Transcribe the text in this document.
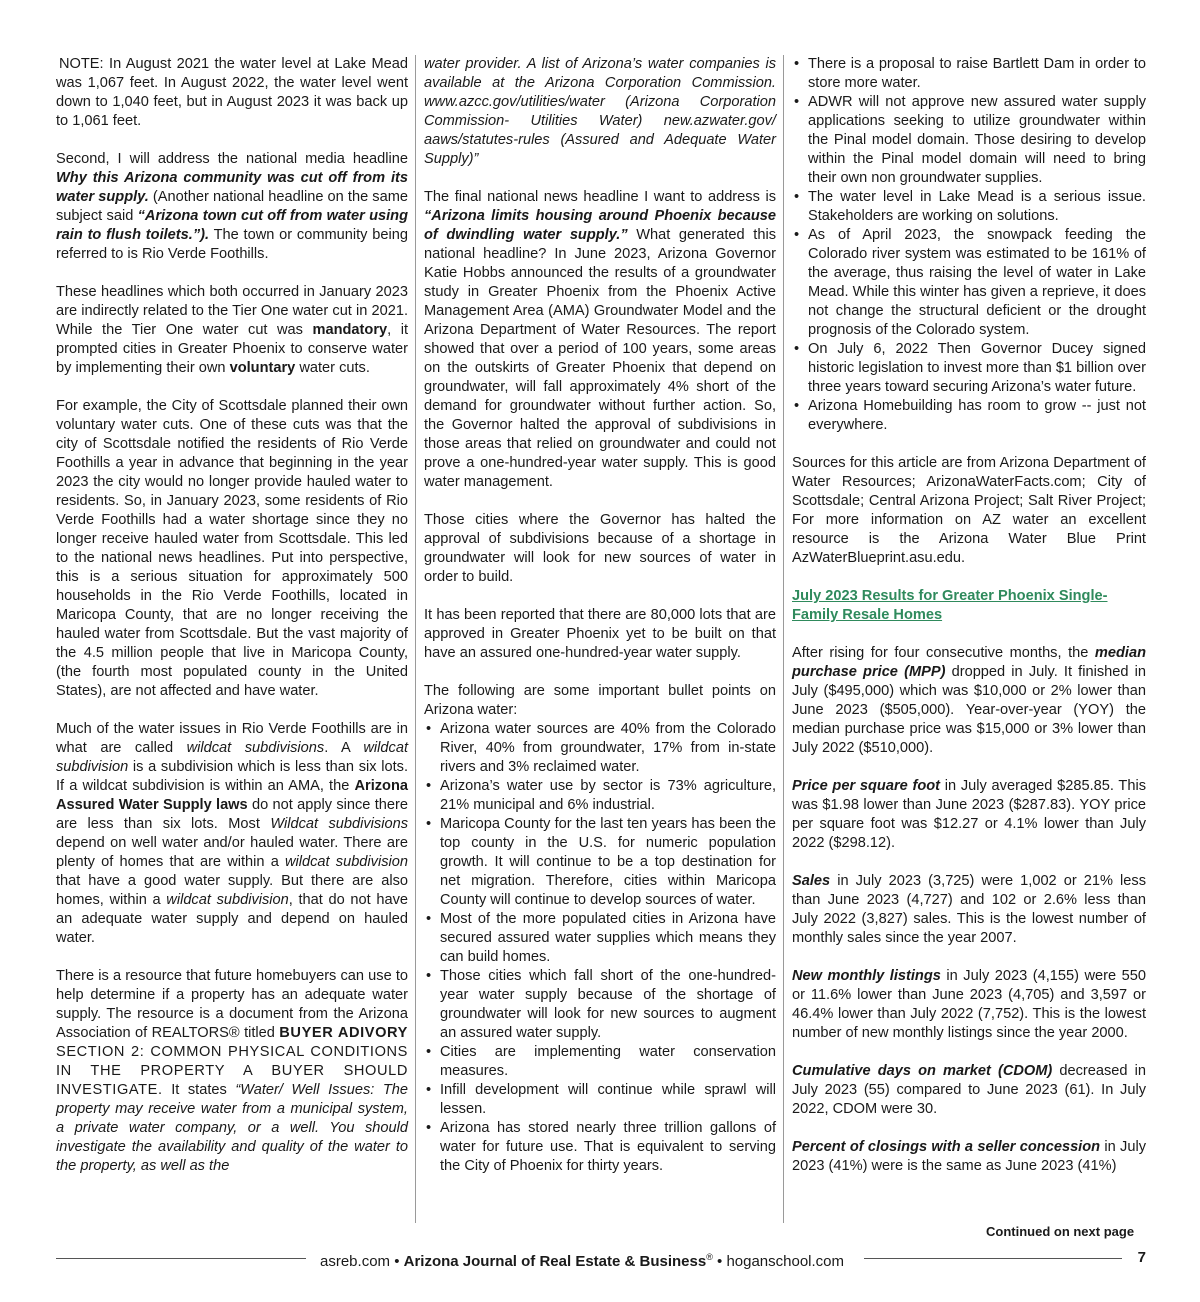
NOTE: In August 2021 the water level at Lake Mead was 1,067 feet. In August 2022, the water level went down to 1,040 feet, but in August 2023 it was back up to 1,061 feet.

Second, I will address the national media headline Why this Arizona community was cut off from its water supply. (Another national headline on the same subject said “Arizona town cut off from water using rain to flush toilets.”). The town or community being referred to is Rio Verde Foothills.

These headlines which both occurred in January 2023 are indirectly related to the Tier One water cut in 2021. While the Tier One water cut was mandatory, it prompted cities in Greater Phoenix to conserve water by implementing their own voluntary water cuts.

For example, the City of Scottsdale planned their own voluntary water cuts. One of these cuts was that the city of Scottsdale notified the residents of Rio Verde Foothills a year in advance that beginning in the year 2023 the city would no longer provide hauled water to residents. So, in January 2023, some residents of Rio Verde Foothills had a water shortage since they no longer receive hauled water from Scottsdale. This led to the national news headlines. Put into perspective, this is a serious situation for approximately 500 households in the Rio Verde Foothills, located in Maricopa County, that are no longer receiving the hauled water from Scottsdale. But the vast majority of the 4.5 million people that live in Maricopa County, (the fourth most populated county in the United States), are not affected and have water.

Much of the water issues in Rio Verde Foothills are in what are called wildcat subdivisions. A wildcat subdivision is a subdivision which is less than six lots. If a wildcat subdivision is within an AMA, the Arizona Assured Water Supply laws do not apply since there are less than six lots. Most Wildcat subdivisions depend on well water and/or hauled water. There are plenty of homes that are within a wildcat subdivision that have a good water supply. But there are also homes, within a wildcat subdivision, that do not have an adequate water supply and depend on hauled water.

There is a resource that future homebuyers can use to help determine if a property has an adequate water supply. The resource is a document from the Arizona Association of REALTORS® titled BUYER ADIVORY SECTION 2: COMMON PHYSICAL CONDITIONS IN THE PROPERTY A BUYER SHOULD INVESTIGATE. It states “Water/ Well Issues: The property may receive water from a municipal system, a private water company, or a well. You should investigate the availability and quality of the water to the property, as well as the

water provider. A list of Arizona’s water companies is available at the Arizona Corporation Commission. www.azcc.gov/utilities/water (Arizona Corporation Commission- Utilities Water) new.azwater.gov/ aaws/statutes-rules (Assured and Adequate Water Supply)”

The final national news headline I want to address is “Arizona limits housing around Phoenix because of dwindling water supply.” What generated this national headline? In June 2023, Arizona Governor Katie Hobbs announced the results of a groundwater study in Greater Phoenix from the Phoenix Active Management Area (AMA) Groundwater Model and the Arizona Department of Water Resources. The report showed that over a period of 100 years, some areas on the outskirts of Greater Phoenix that depend on groundwater, will fall approximately 4% short of the demand for groundwater without further action. So, the Governor halted the approval of subdivisions in those areas that relied on groundwater and could not prove a one-hundred-year water supply. This is good water management.

Those cities where the Governor has halted the approval of subdivisions because of a shortage in groundwater will look for new sources of water in order to build.

It has been reported that there are 80,000 lots that are approved in Greater Phoenix yet to be built on that have an assured one-hundred-year water supply.

The following are some important bullet points on Arizona water:

• Arizona water sources are 40% from the Colorado River, 40% from groundwater, 17% from in-state rivers and 3% reclaimed water.
• Arizona’s water use by sector is 73% agriculture, 21% municipal and 6% industrial.
• Maricopa County for the last ten years has been the top county in the U.S. for numeric population growth. It will continue to be a top destination for net migration. Therefore, cities within Maricopa County will continue to develop sources of water.
• Most of the more populated cities in Arizona have secured assured water supplies which means they can build homes.
• Those cities which fall short of the one-hundred-year water supply because of the shortage of groundwater will look for new sources to augment an assured water supply.
• Cities are implementing water conservation measures.
• Infill development will continue while sprawl will lessen.
• Arizona has stored nearly three trillion gallons of water for future use. That is equivalent to serving the City of Phoenix for thirty years.
• There is a proposal to raise Bartlett Dam in order to store more water.
• ADWR will not approve new assured water supply applications seeking to utilize groundwater within the Pinal model domain. Those desiring to develop within the Pinal model domain will need to bring their own non groundwater supplies.
• The water level in Lake Mead is a serious issue. Stakeholders are working on solutions.
• As of April 2023, the snowpack feeding the Colorado river system was estimated to be 161% of the average, thus raising the level of water in Lake Mead. While this winter has given a reprieve, it does not change the structural deficient or the drought prognosis of the Colorado system.
• On July 6, 2022 Then Governor Ducey signed historic legislation to invest more than $1 billion over three years toward securing Arizona’s water future.
• Arizona Homebuilding has room to grow -- just not everywhere.

Sources for this article are from Arizona Department of Water Resources; ArizonaWaterFacts.com; City of Scottsdale; Central Arizona Project; Salt River Project; For more information on AZ water an excellent resource is the Arizona Water Blue Print AzWaterBlueprint.asu.edu.

July 2023 Results for Greater Phoenix Single-Family Resale Homes

After rising for four consecutive months, the median purchase price (MPP) dropped in July. It finished in July ($495,000) which was $10,000 or 2% lower than June 2023 ($505,000). Year-over-year (YOY) the median purchase price was $15,000 or 3% lower than July 2022 ($510,000).

Price per square foot in July averaged $285.85. This was $1.98 lower than June 2023 ($287.83). YOY price per square foot was $12.27 or 4.1% lower than July 2022 ($298.12).

Sales in July 2023 (3,725) were 1,002 or 21% less than June 2023 (4,727) and 102 or 2.6% less than July 2022 (3,827) sales. This is the lowest number of monthly sales since the year 2007.

New monthly listings in July 2023 (4,155) were 550 or 11.6% lower than June 2023 (4,705) and 3,597 or 46.4% lower than July 2022 (7,752). This is the lowest number of new monthly listings since the year 2000.

Cumulative days on market (CDOM) decreased in July 2023 (55) compared to June 2023 (61). In July 2022, CDOM were 30.

Percent of closings with a seller concession in July 2023 (41%) were is the same as June 2023 (41%)

Continued on next page
asreb.com • Arizona Journal of Real Estate & Business® • hoganschool.com	7
